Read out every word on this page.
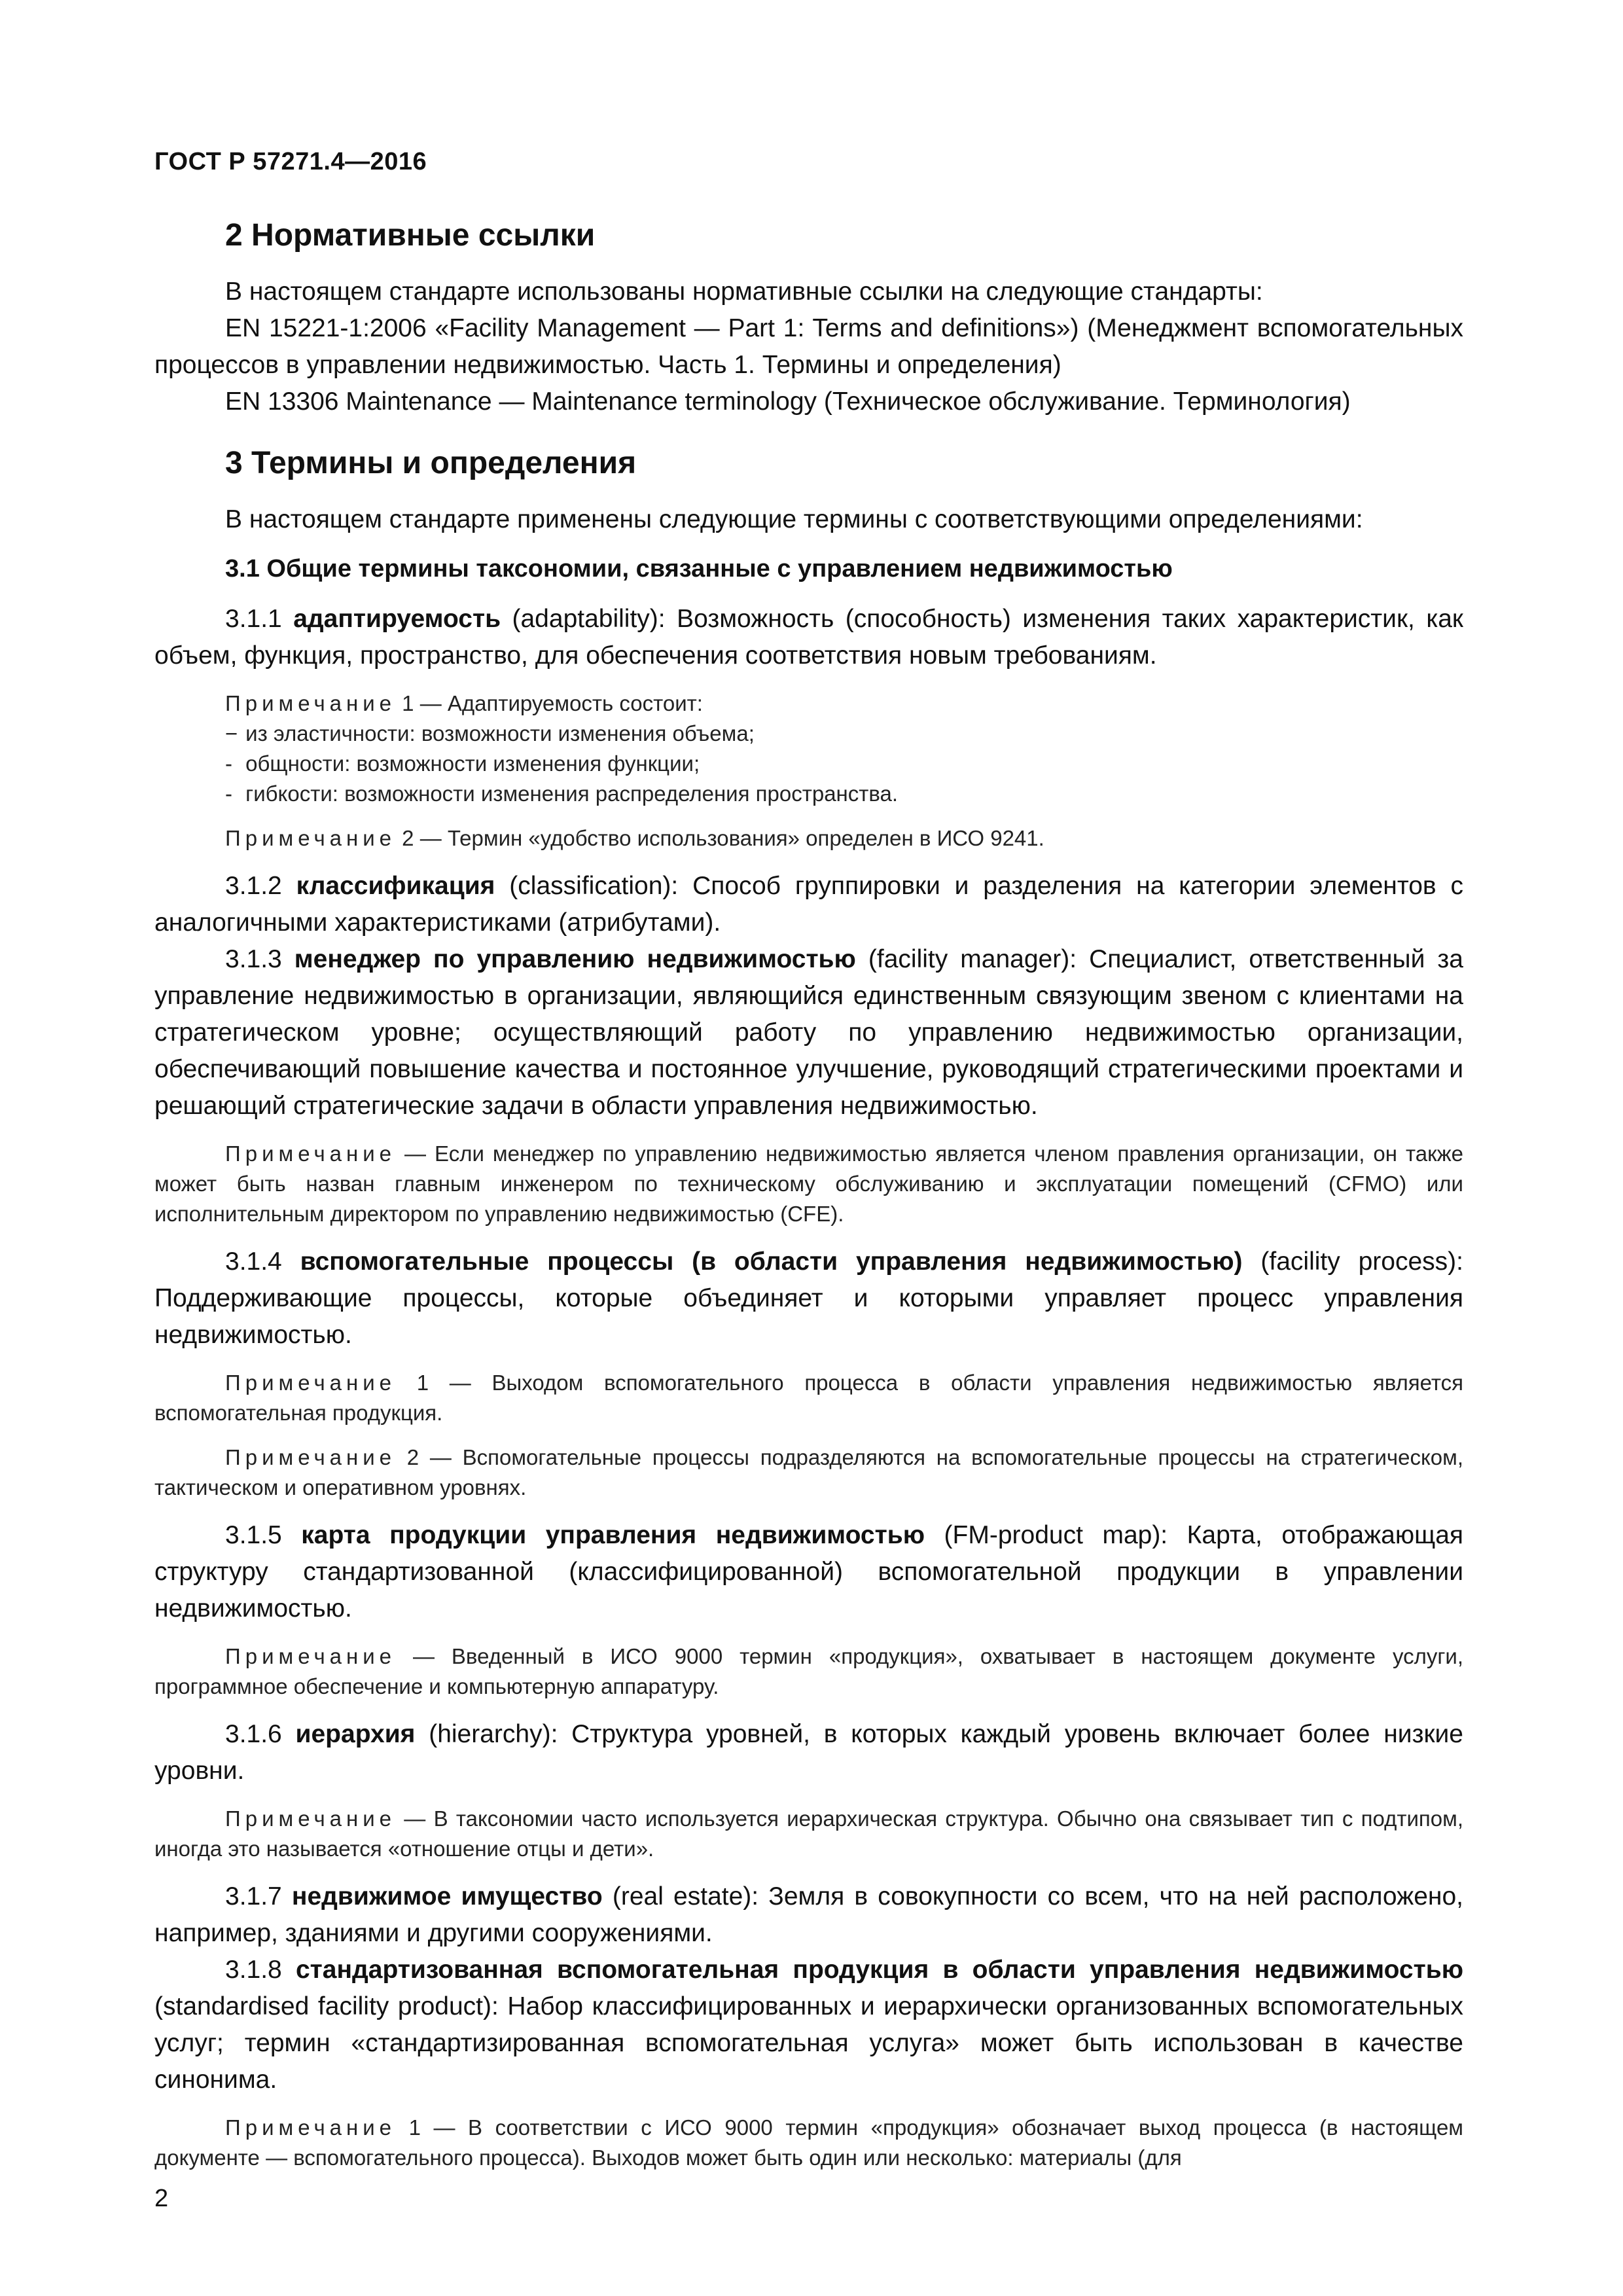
ГОСТ Р 57271.4—2016
2 Нормативные ссылки

В настоящем стандарте использованы нормативные ссылки на следующие стандарты:

EN 15221-1:2006 «Facility Management — Part 1: Terms and definitions») (Менеджмент вспомогательных процессов в управлении недвижимостью. Часть 1. Термины и определения)

EN 13306 Maintenance — Maintenance terminology (Техническое обслуживание. Терминология)

3 Термины и определения

В настоящем стандарте применены следующие термины с соответствующими определениями:

3.1 Общие термины таксономии, связанные с управлением недвижимостью

3.1.1 адаптируемость (adaptability): Возможность (способность) изменения таких характеристик, как объем, функция, пространство, для обеспечения соответствия новым требованиям.

Примечание 1 — Адаптируемость состоит:

− из эластичности: возможности изменения объема;

- общности: возможности изменения функции;

- гибкости: возможности изменения распределения пространства.

Примечание 2 — Термин «удобство использования» определен в ИСО 9241.

3.1.2 классификация (classification): Способ группировки и разделения на категории элементов с аналогичными характеристиками (атрибутами).

3.1.3 менеджер по управлению недвижимостью (facility manager): Специалист, ответственный за управление недвижимостью в организации, являющийся единственным связующим звеном с клиентами на стратегическом уровне; осуществляющий работу по управлению недвижимостью организации, обеспечивающий повышение качества и постоянное улучшение, руководящий стратегическими проектами и решающий стратегические задачи в области управления недвижимостью.

Примечание — Если менеджер по управлению недвижимостью является членом правления организации, он также может быть назван главным инженером по техническому обслуживанию и эксплуатации помещений (CFMO) или исполнительным директором по управлению недвижимостью (CFE).

3.1.4 вспомогательные процессы (в области управления недвижимостью) (facility process): Поддерживающие процессы, которые объединяет и которыми управляет процесс управления недвижимостью.

Примечание 1 — Выходом вспомогательного процесса в области управления недвижимостью является вспомогательная продукция.

Примечание 2 — Вспомогательные процессы подразделяются на вспомогательные процессы на стратегическом, тактическом и оперативном уровнях.

3.1.5 карта продукции управления недвижимостью (FM-product map): Карта, отображающая структуру стандартизованной (классифицированной) вспомогательной продукции в управлении недвижимостью.

Примечание — Введенный в ИСО 9000 термин «продукция», охватывает в настоящем документе услуги, программное обеспечение и компьютерную аппаратуру.

3.1.6 иерархия (hierarchy): Структура уровней, в которых каждый уровень включает более низкие уровни.

Примечание — В таксономии часто используется иерархическая структура. Обычно она связывает тип с подтипом, иногда это называется «отношение отцы и дети».

3.1.7 недвижимое имущество (real estate): Земля в совокупности со всем, что на ней расположено, например, зданиями и другими сооружениями.

3.1.8 стандартизованная вспомогательная продукция в области управления недвижимостью (standardised facility product): Набор классифицированных и иерархически организованных вспомогательных услуг; термин «стандартизированная вспомогательная услуга» может быть использован в качестве синонима.

Примечание 1 — В соответствии с ИСО 9000 термин «продукция» обозначает выход процесса (в настоящем документе — вспомогательного процесса). Выходов может быть один или несколько: материалы (для

2
